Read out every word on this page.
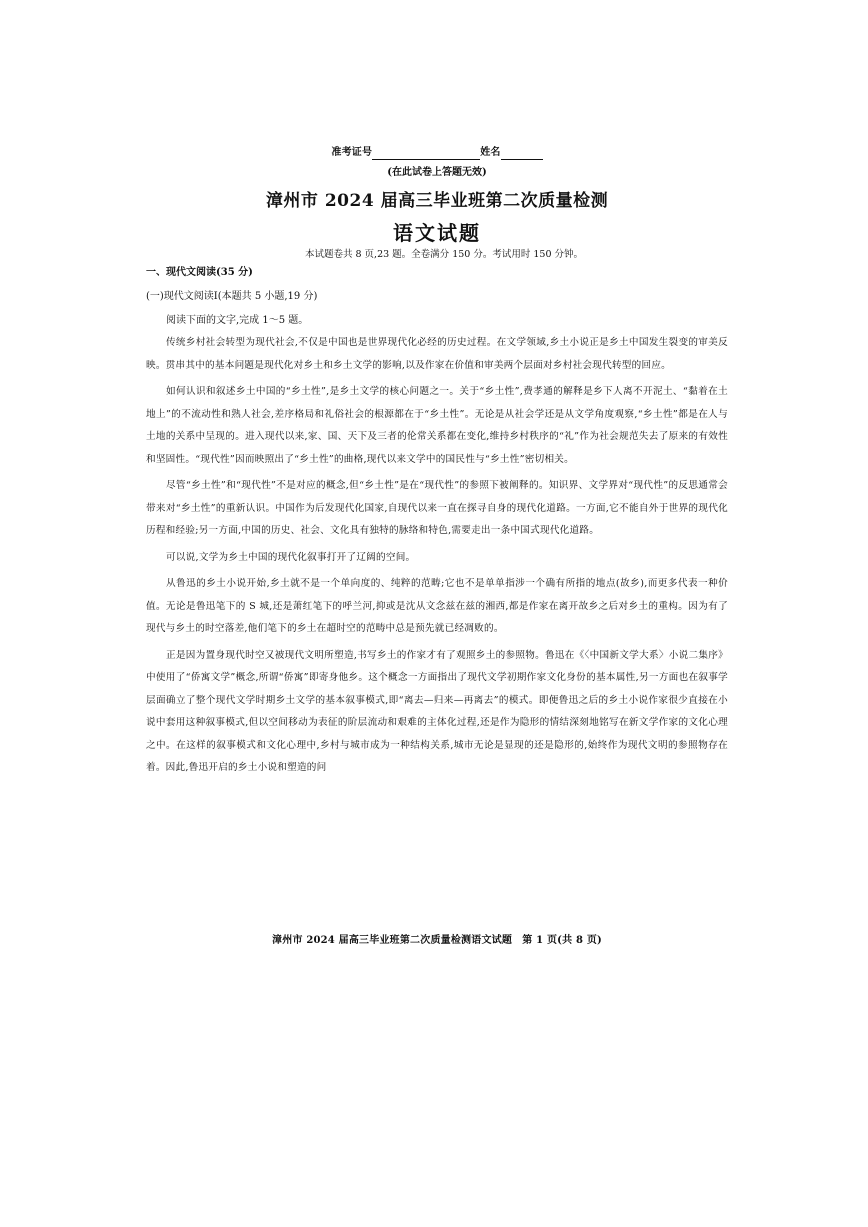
准考证号	姓名
(在此试卷上答题无效)
漳州市 2024 届高三毕业班第二次质量检测
语文试题
本试题卷共 8 页,23 题。全卷满分 150 分。考试用时 150 分钟。
一、现代文阅读(35 分)
(一)现代文阅读Ⅰ(本题共 5 小题,19 分)
阅读下面的文字,完成 1～5 题。
传统乡村社会转型为现代社会,不仅是中国也是世界现代化必经的历史过程。在文学领域,乡土小说正是乡土中国发生裂变的审美反映。贯串其中的基本问题是现代化对乡土和乡土文学的影响,以及作家在价值和审美两个层面对乡村社会现代转型的回应。
如何认识和叙述乡土中国的“乡土性”,是乡土文学的核心问题之一。关于“乡土性”,费孝通的解释是乡下人离不开泥土、“黏着在土地上”的不流动性和熟人社会,差序格局和礼俗社会的根源都在于“乡土性”。无论是从社会学还是从文学角度观察,“乡土性”都是在人与土地的关系中呈现的。进入现代以来,家、国、天下及三者的伦常关系都在变化,维持乡村秩序的“礼”作为社会规范失去了原来的有效性和坚固性。“现代性”因而映照出了“乡土性”的曲格,现代以来文学中的国民性与“乡土性”密切相关。
尽管“乡土性”和“现代性”不是对应的概念,但“乡土性”是在“现代性”的参照下被阐释的。知识界、文学界对“现代性”的反思通常会带来对“乡土性”的重新认识。中国作为后发现代化国家,自现代以来一直在探寻自身的现代化道路。一方面,它不能自外于世界的现代化历程和经验;另一方面,中国的历史、社会、文化具有独特的脉络和特色,需要走出一条中国式现代化道路。
可以说,文学为乡土中国的现代化叙事打开了辽阔的空间。
从鲁迅的乡土小说开始,乡土就不是一个单向度的、纯粹的范畴;它也不是单单指涉一个确有所指的地点(故乡),而更多代表一种价值。无论是鲁迅笔下的 S 城,还是萧红笔下的呼兰河,抑或是沈从文念兹在兹的湘西,都是作家在离开故乡之后对乡土的重构。因为有了现代与乡土的时空落差,他们笔下的乡土在超时空的范畴中总是预先就已经凋败的。
正是因为置身现代时空又被现代文明所塑造,书写乡土的作家才有了观照乡土的参照物。鲁迅在《〈中国新文学大系〉小说二集序》中使用了“侨寓文学”概念,所谓“侨寓”即寄身他乡。这个概念一方面指出了现代文学初期作家文化身份的基本属性,另一方面也在叙事学层面确立了整个现代文学时期乡土文学的基本叙事模式,即“离去—归来—再离去”的模式。即便鲁迅之后的乡土小说作家很少直接在小说中套用这种叙事模式,但以空间移动为表征的阶层流动和艰难的主体化过程,还是作为隐形的情结深刻地铭写在新文学作家的文化心理之中。在这样的叙事模式和文化心理中,乡村与城市成为一种结构关系,城市无论是显现的还是隐形的,始终作为现代文明的参照物存在着。因此,鲁迅开启的乡土小说和塑造的问
漳州市 2024 届高三毕业班第二次质量检测语文试题　第 1 页(共 8 页)
